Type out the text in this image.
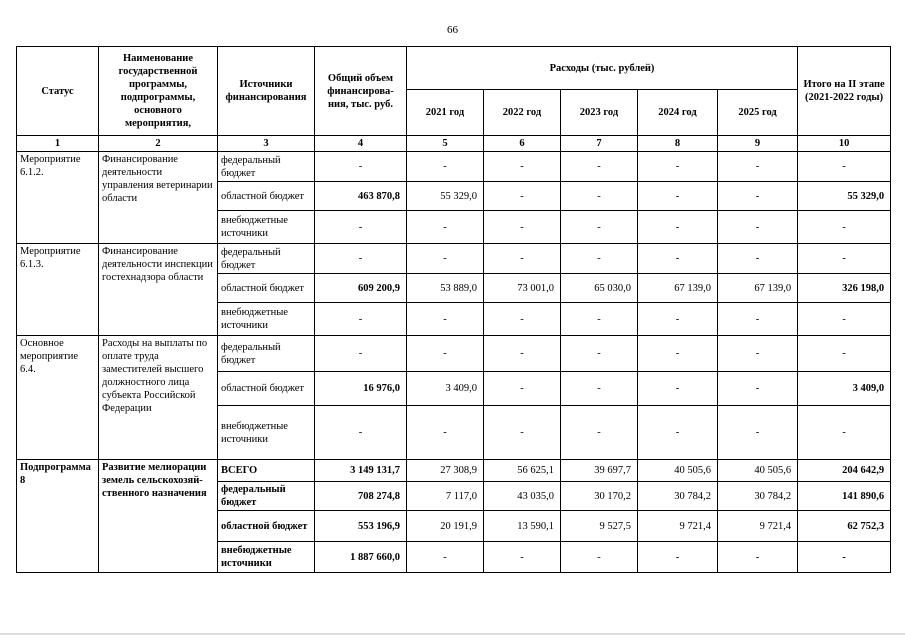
66
Статус	Наименование государственной программы, подпрограммы, основного мероприятия,	Источники финансирования	Общий объем финансирова-ния, тыс. руб.	Расходы (тыс. рублей)					Итого на II этапе (2021-2022 годы)
				2021 год	2022 год	2023 год	2024 год	2025 год	
1	2	3	4	5	6	7	8	9	10
Мероприятие 6.1.2.	Финансирование деятельности управления ветеринарии области	федеральный бюджет	-	-	-	-	-	-	-
		областной бюджет	463 870,8	55 329,0	-	-	-	-	55 329,0
		внебюджетные источники	-	-	-	-	-	-	-
Мероприятие 6.1.3.	Финансирование деятельности инспекции гостехнадзора области	федеральный бюджет	-	-	-	-	-	-	-
		областной бюджет	609 200,9	53 889,0	73 001,0	65 030,0	67 139,0	67 139,0	326 198,0
		внебюджетные источники	-	-	-	-	-	-	-
Основное мероприятие 6.4.	Расходы на выплаты по оплате труда заместителей высшего должностного лица субъекта Российской Федерации	федеральный бюджет	-	-	-	-	-	-	-
		областной бюджет	16 976,0	3 409,0	-	-	-	-	3 409,0
		внебюджетные источники	-	-	-	-	-	-	-
Подпрограмма 8	Развитие мелиорации земель сельскохозяй-ственного назначения	ВСЕГО	3 149 131,7	27 308,9	56 625,1	39 697,7	40 505,6	40 505,6	204 642,9
		федеральный бюджет	708 274,8	7 117,0	43 035,0	30 170,2	30 784,2	30 784,2	141 890,6
		областной бюджет	553 196,9	20 191,9	13 590,1	9 527,5	9 721,4	9 721,4	62 752,3
		внебюджетные источники	1 887 660,0	-	-	-	-	-	-
